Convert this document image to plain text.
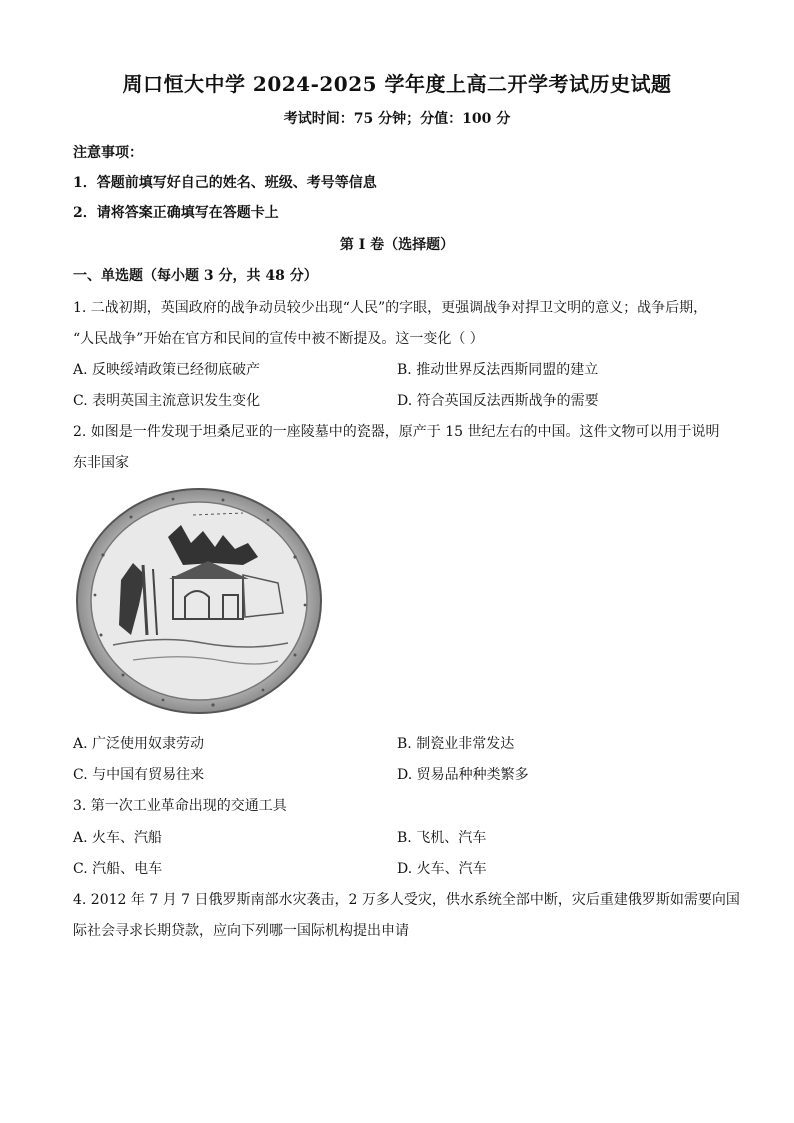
周口恒大中学 2024-2025 学年度上高二开学考试历史试题
考试时间：75 分钟；分值：100 分
注意事项：
1．答题前填写好自己的姓名、班级、考号等信息
2．请将答案正确填写在答题卡上
第 I 卷（选择题）
一、单选题（每小题 3 分，共 48 分）
1. 二战初期，英国政府的战争动员较少出现“人民”的字眼，更强调战争对捍卫文明的意义；战争后期，
“人民战争”开始在官方和民间的宣传中被不断提及。这一变化（ ）
A. 反映绥靖政策已经彻底破产	B. 推动世界反法西斯同盟的建立
C. 表明英国主流意识发生变化	D. 符合英国反法西斯战争的需要
2. 如图是一件发现于坦桑尼亚的一座陵墓中的瓷器，原产于 15 世纪左右的中国。这件文物可以用于说明
东非国家
A. 广泛使用奴隶劳动	B. 制瓷业非常发达
C. 与中国有贸易往来	D. 贸易品种种类繁多
3. 第一次工业革命出现的交通工具
A. 火车、汽船	B. 飞机、汽车
C. 汽船、电车	D. 火车、汽车
4. 2012 年 7 月 7 日俄罗斯南部水灾袭击，2 万多人受灾，供水系统全部中断，灾后重建俄罗斯如需要向国
际社会寻求长期贷款，应向下列哪一国际机构提出申请
